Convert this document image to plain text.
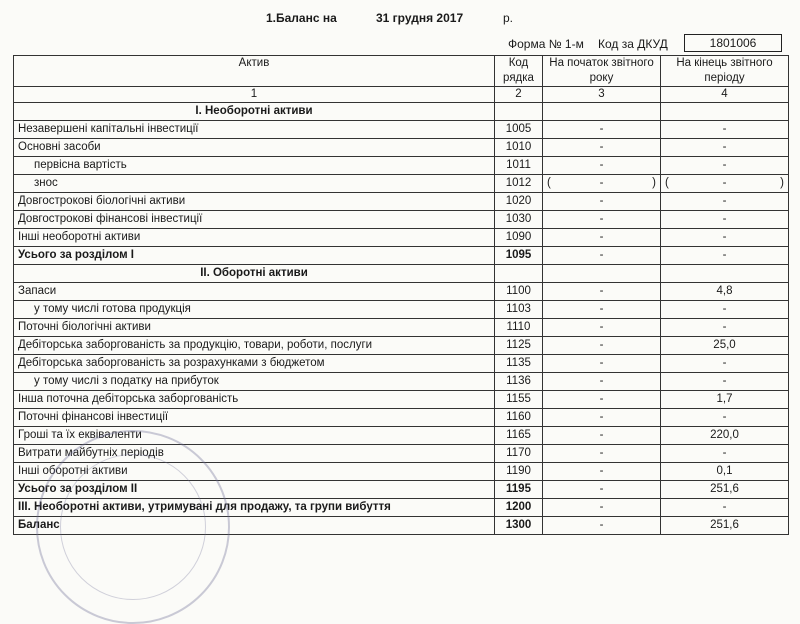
1.Баланс на	31 грудня 2017	р.
Форма № 1-м Код за ДКУД	1801006
Актив	Код рядка	На початок звітного року	На кінець звітного періоду
1	2	3	4
I. Необоротні активи			
Незавершені капітальні інвестиції	1005	-	-
Основні засоби	1010	-	-
первісна вартість	1011	-	-
знос	1012	( - )	( - )

Довгострокові біологічні активи	1020	-	-
Довгострокові фінансові інвестиції	1030	-	-
Інші необоротні активи	1090	-	-
Усього за розділом I	1095	-	-
II. Оборотні активи			
Запаси	1100	-	4,8
у тому числі готова продукція	1103	-	-
Поточні біологічні активи	1110	-	-
Дебіторська заборгованість за продукцію, товари, роботи, послуги	1125	-	25,0
Дебіторська заборгованість за розрахунками з бюджетом	1135	-	-
у тому числі з податку на прибуток	1136	-	-
Інша поточна дебіторська заборгованість	1155	-	1,7
Поточні фінансові інвестиції	1160	-	-
Гроші та їх еквіваленти	1165	-	220,0
Витрати майбутніх періодів	1170	-	-
Інші оборотні активи	1190	-	0,1
Усього за розділом II	1195	-	251,6
III. Необоротні активи, утримувані для продажу, та групи вибуття	1200	-	-
Баланс	1300	-	251,6
